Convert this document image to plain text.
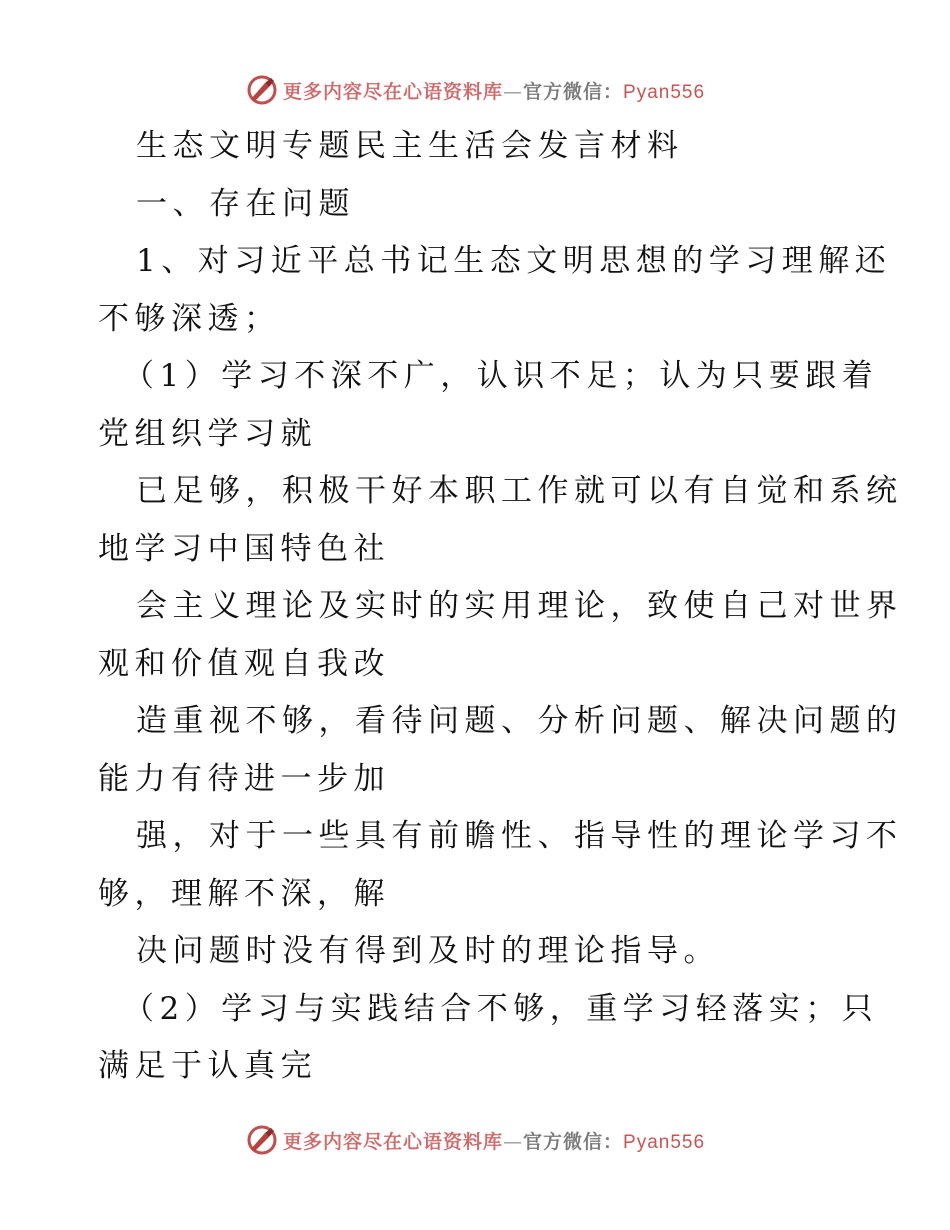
更多内容尽在心语资料库—官方微信：Pyan556
生态文明专题民主生活会发言材料
一、存在问题
1、对习近平总书记生态文明思想的学习理解还
不够深透；
（1）学习不深不广，认识不足；认为只要跟着
党组织学习就
已足够，积极干好本职工作就可以有自觉和系统
地学习中国特色社
会主义理论及实时的实用理论，致使自己对世界
观和价值观自我改
造重视不够，看待问题、分析问题、解决问题的
能力有待进一步加
强，对于一些具有前瞻性、指导性的理论学习不
够，理解不深，解
决问题时没有得到及时的理论指导。
（2）学习与实践结合不够，重学习轻落实；只
满足于认真完
更多内容尽在心语资料库—官方微信：Pyan556
